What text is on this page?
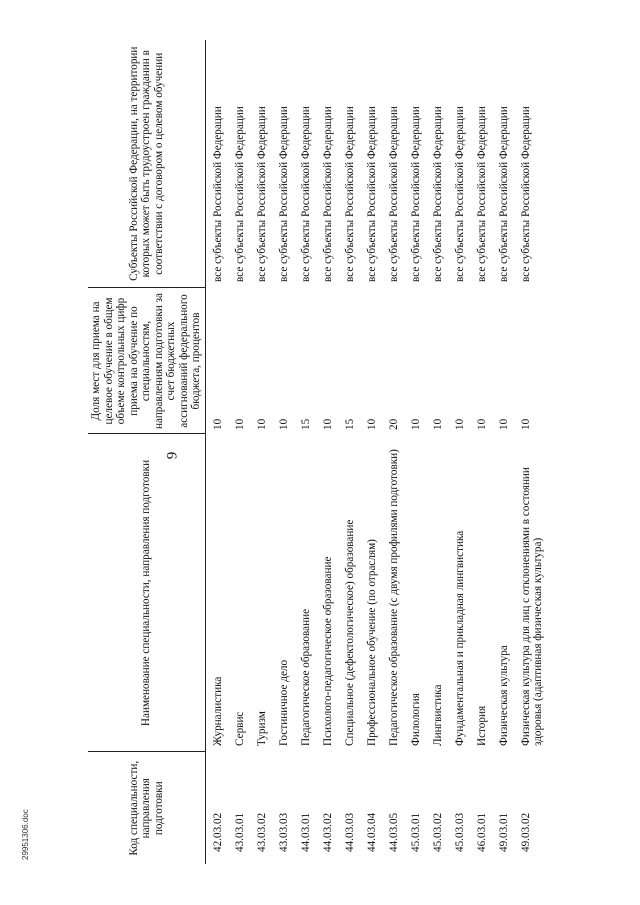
9
29951306.doc	Код специальности, направления подготовки	Наименование специальности, направления подготовки	Доля мест для приема на целевое обучение в общем объеме контрольных цифр приема на обучение по специальностям, направлениям подготовки за счет бюджетных ассигнований федерального бюджета, процентов	Субъекты Российской Федерации, на территории которых может быть трудоустроен гражданин в соответствии с договором о целевом обучении
42.03.02	Журналистика	10	все субъекты Российской Федерации
43.03.01	Сервис	10	все субъекты Российской Федерации
43.03.02	Туризм	10	все субъекты Российской Федерации
43.03.03	Гостиничное дело	10	все субъекты Российской Федерации
44.03.01	Педагогическое образование	15	все субъекты Российской Федерации
44.03.02	Психолого-педагогическое образование	10	все субъекты Российской Федерации
44.03.03	Специальное (дефектологическое) образование	15	все субъекты Российской Федерации
44.03.04	Профессиональное обучение (по отраслям)	10	все субъекты Российской Федерации
44.03.05	Педагогическое образование (с двумя профилями подготовки)	20	все субъекты Российской Федерации
45.03.01	Филология	10	все субъекты Российской Федерации
45.03.02	Лингвистика	10	все субъекты Российской Федерации
45.03.03	Фундаментальная и прикладная лингвистика	10	все субъекты Российской Федерации
46.03.01	История	10	все субъекты Российской Федерации
49.03.01	Физическая культура	10	все субъекты Российской Федерации
49.03.02	Физическая культура для лиц с отклонениями в состоянии здоровья (адаптивная физическая культура)	10	все субъекты Российской Федерации
